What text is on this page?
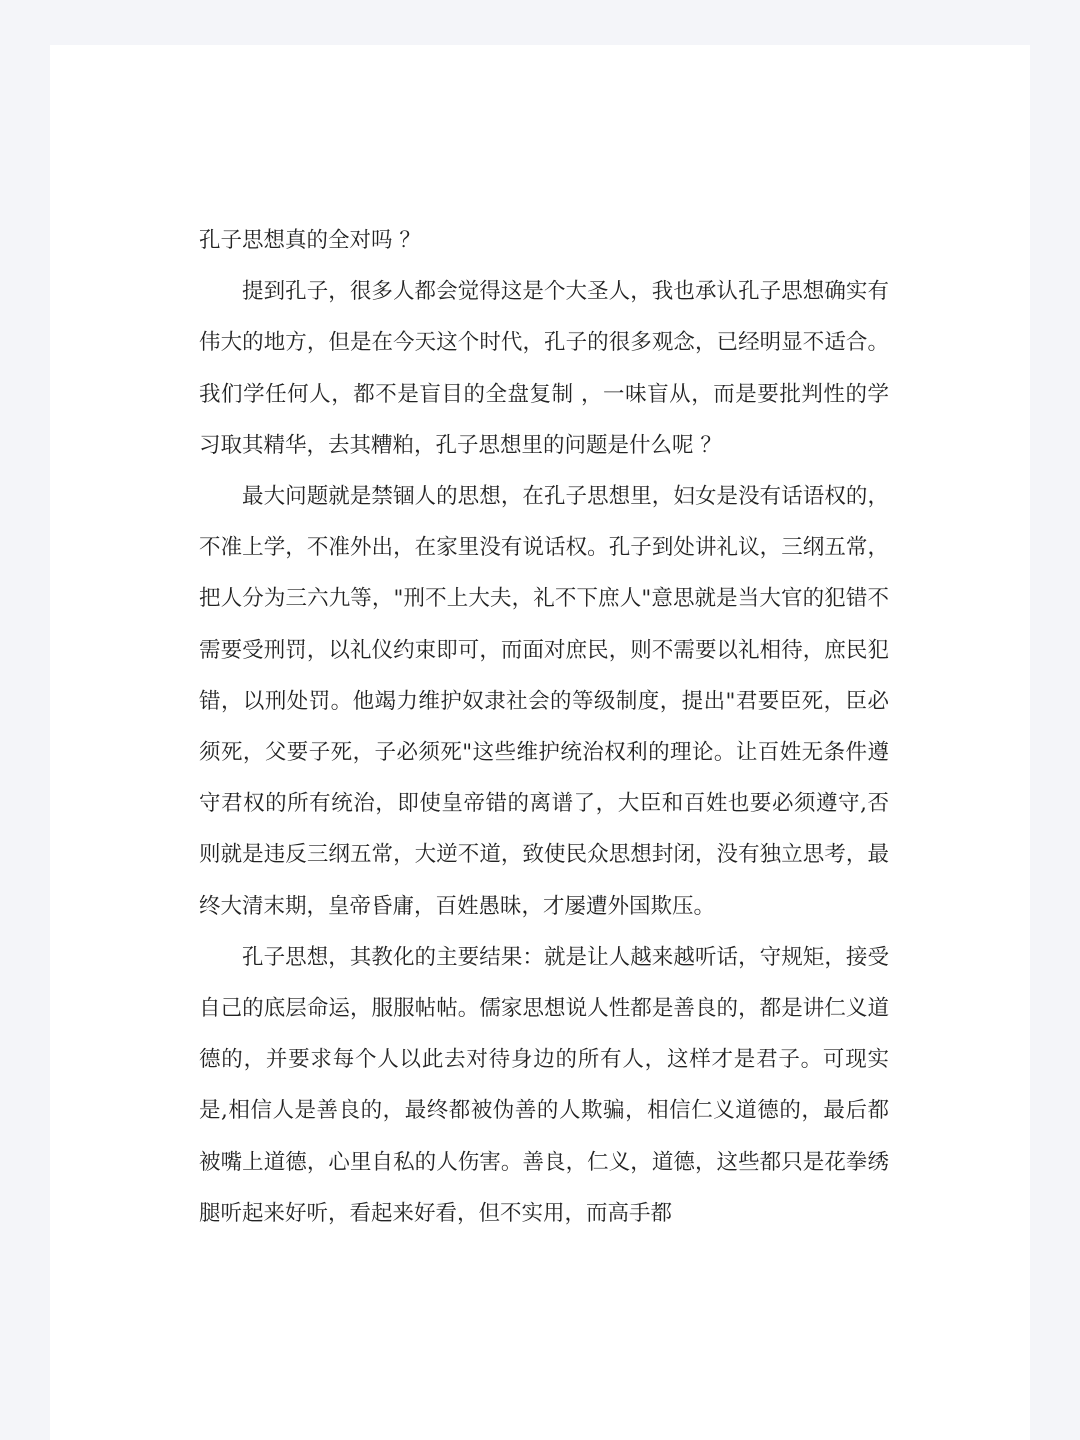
孔子思想真的全对吗 ？

提到孔子，很多人都会觉得这是个大圣人，我也承认孔子思想确实有伟大的地方，但是在今天这个时代，孔子的很多观念，已经明显不适合。我们学任何人，都不是盲目的全盘复制 ，一味盲从，而是要批判性的学习取其精华，去其糟粕，孔子思想里的问题是什么呢 ？

最大问题就是禁锢人的思想，在孔子思想里，妇女是没有话语权的，不准上学，不准外出，在家里没有说话权。孔子到处讲礼议，三纲五常，把人分为三六九等，"刑不上大夫，礼不下庶人"意思就是当大官的犯错不需要受刑罚，以礼仪约束即可，而面对庶民，则不需要以礼相待，庶民犯错，以刑处罚。他竭力维护奴隶社会的等级制度，提出"君要臣死，臣必须死，父要子死，子必须死"这些维护统治权利的理论。让百姓无条件遵守君权的所有统治，即使皇帝错的离谱了，大臣和百姓也要必须遵守,否则就是违反三纲五常，大逆不道，致使民众思想封闭，没有独立思考，最终大清末期，皇帝昏庸，百姓愚昧，才屡遭外国欺压。

孔子思想，其教化的主要结果：就是让人越来越听话，守规矩，接受自己的底层命运，服服帖帖。儒家思想说人性都是善良的，都是讲仁义道德的，并要求每个人以此去对待身边的所有人，这样才是君子。可现实是,相信人是善良的，最终都被伪善的人欺骗，相信仁义道德的，最后都被嘴上道德，心里自私的人伤害。善良，仁义，道德，这些都只是花拳绣腿听起来好听，看起来好看，但不实用，而高手都
